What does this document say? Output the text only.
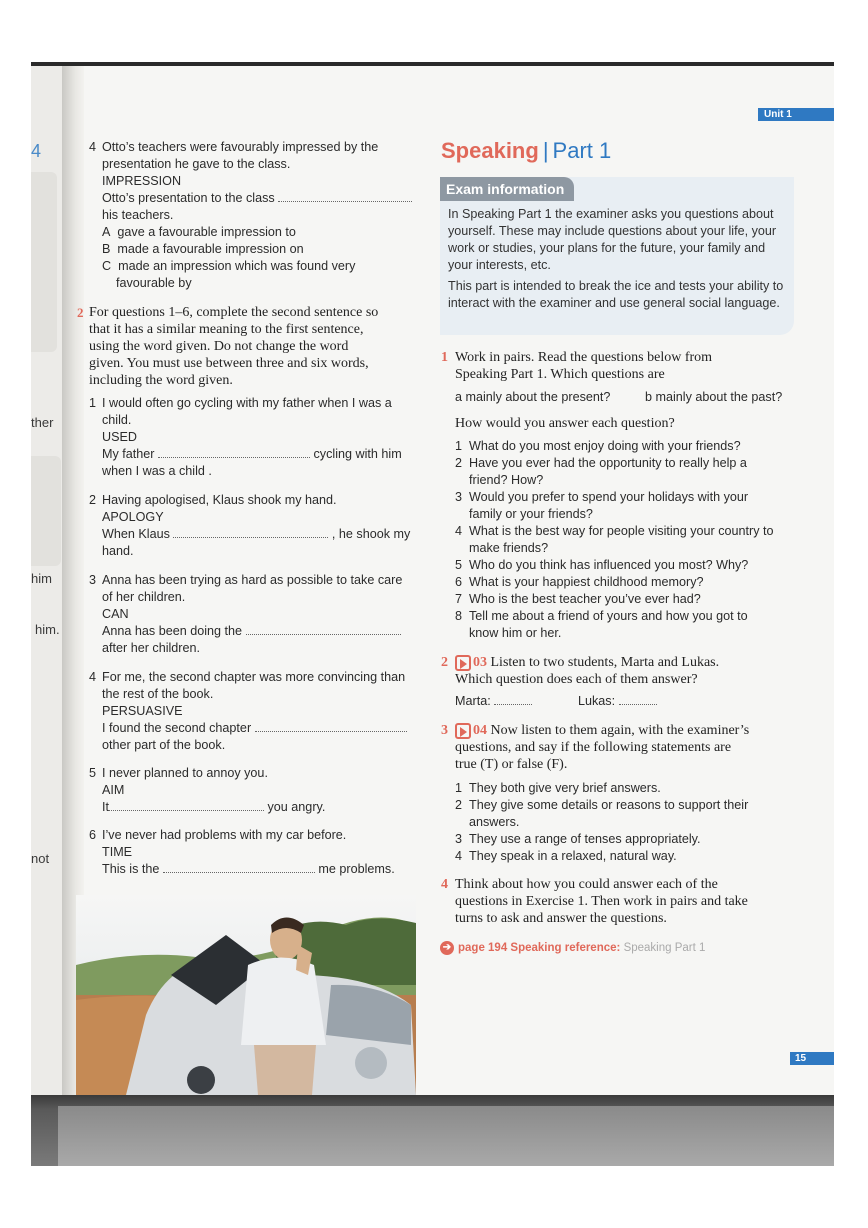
4
ther
him
him.
not
Unit 1
4 Otto’s teachers were favourably impressed by the
presentation he gave to the class.
IMPRESSION
Otto’s presentation to the class
his teachers.
A gave a favourable impression to
B made a favourable impression on
C made an impression which was found very
favourable by
2 For questions 1–6, complete the second sentence so
that it has a similar meaning to the first sentence,
using the word given. Do not change the word
given. You must use between three and six words,
including the word given.
1 I would often go cycling with my father when I was a
child.
USED
My father	cycling with him
when I was a child .
2 Having apologised, Klaus shook my hand.
APOLOGY
When Klaus	, he shook my
hand.
3 Anna has been trying as hard as possible to take care
of her children.
CAN
Anna has been doing the
after her children.
4 For me, the second chapter was more convincing than
the rest of the book.
PERSUASIVE
I found the second chapter
other part of the book.
5 I never planned to annoy you.
AIM
It	you angry.
6 I’ve never had problems with my car before.
TIME
This is the	me problems.
Speaking | Part 1
Exam information
In Speaking Part 1 the examiner asks you questions about yourself. These may include questions about your life, your work or studies, your plans for the future, your family and your interests, etc.
This part is intended to break the ice and tests your ability to interact with the examiner and use general social language.
1 Work in pairs. Read the questions below from
Speaking Part 1. Which questions are
a mainly about the present?	b mainly about the past?
How would you answer each question?
1 What do you most enjoy doing with your friends?
2 Have you ever had the opportunity to really help a
friend? How?
3 Would you prefer to spend your holidays with your
family or your friends?
4 What is the best way for people visiting your country to
make friends?
5 Who do you think has influenced you most? Why?
6 What is your happiest childhood memory?
7 Who is the best teacher you’ve ever had?
8 Tell me about a friend of yours and how you got to
know him or her.
2	03 Listen to two students, Marta and Lukas.
Which question does each of them answer?
Marta:	Lukas:
3	04 Now listen to them again, with the examiner’s
questions, and say if the following statements are
true (T) or false (F).
1 They both give very brief answers.
2 They give some details or reasons to support their
answers.
3 They use a range of tenses appropriately.
4 They speak in a relaxed, natural way.
4 Think about how you could answer each of the
questions in Exercise 1. Then work in pairs and take
turns to ask and answer the questions.
➔ page 194 Speaking reference: Speaking Part 1
15
